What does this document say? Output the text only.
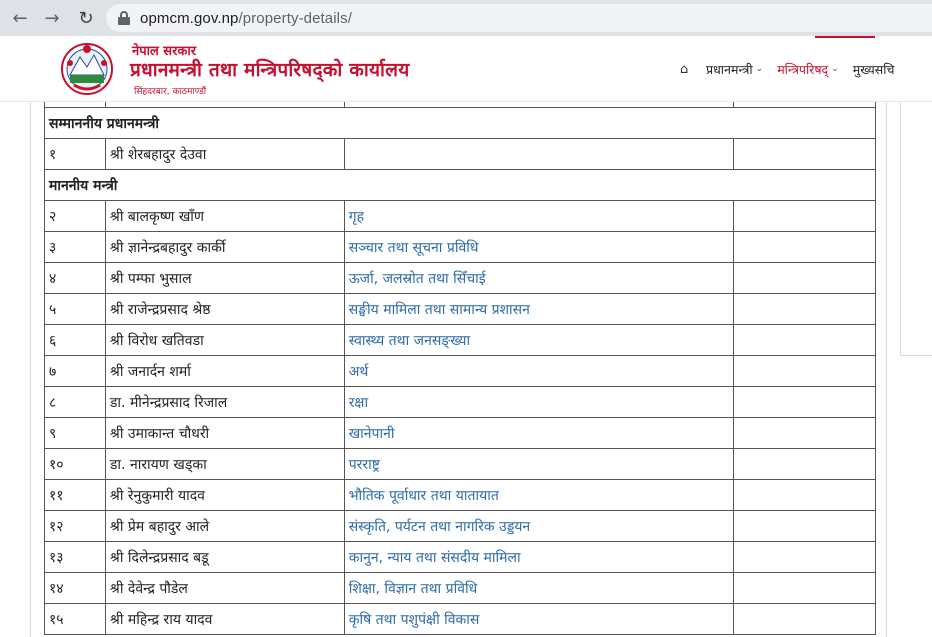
← →	↻	opmcm.gov.np/property-details/
नेपाल सरकार
प्रधानमन्त्री तथा मन्त्रिपरिषद्को कार्यालय
सिंहदरबार, काठमाण्डौं
⌂	प्रधानमन्त्री ⌄ मन्त्रिपरिषद् ⌄ मुख्यसचि

सम्माननीय प्रधानमन्त्री			
१	श्री शेरबहादुर देउवा		
माननीय मन्त्री			
२	श्री बालकृष्ण खाँण	गृह	
३	श्री ज्ञानेन्द्रबहादुर कार्की	सञ्चार तथा सूचना प्रविधि	
४	श्री पम्फा भुसाल	ऊर्जा, जलस्रोत तथा सिँचाई	
५	श्री राजेन्द्रप्रसाद श्रेष्ठ	सङ्घीय मामिला तथा सामान्य प्रशासन	
६	श्री विरोध खतिवडा	स्वास्थ्य तथा जनसङ्ख्या	
७	श्री जनार्दन शर्मा	अर्थ	
८	डा. मीनेन्द्रप्रसाद रिजाल	रक्षा	
९	श्री उमाकान्त चौधरी	खानेपानी	
१०	डा. नारायण खड्का	परराष्ट्र	
११	श्री रेनुकुमारी यादव	भौतिक पूर्वाधार तथा यातायात	
१२	श्री प्रेम बहादुर आले	संस्कृति, पर्यटन तथा नागरिक उड्डयन	
१३	श्री दिलेन्द्रप्रसाद बडू	कानुन, न्याय तथा संसदीय मामिला	
१४	श्री देवेन्द्र पौडेल	शिक्षा, विज्ञान तथा प्रविधि	
१५	श्री महिन्द्र राय यादव	कृषि तथा पशुपंक्षी विकास	
